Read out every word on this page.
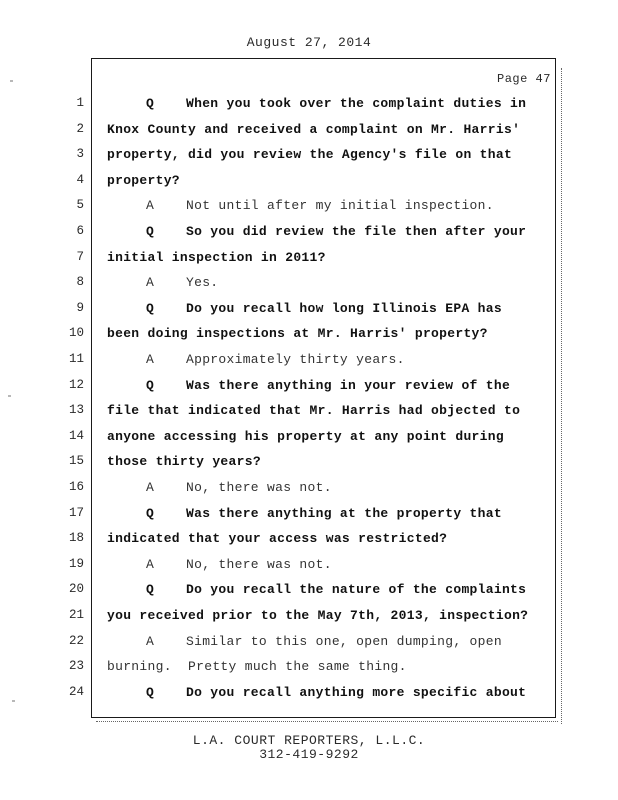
August 27, 2014
Page 47
1	Q When you took over the complaint duties in
2 Knox County and received a complaint on Mr. Harris'
3 property, did you review the Agency's file on that
4 property?
5	A Not until after my initial inspection.
6	Q So you did review the file then after your
7 initial inspection in 2011?
8	A Yes.
9	Q Do you recall how long Illinois EPA has
10 been doing inspections at Mr. Harris' property?
11	A Approximately thirty years.
12	Q Was there anything in your review of the
13 file that indicated that Mr. Harris had objected to
14 anyone accessing his property at any point during
15 those thirty years?
16	A No, there was not.
17	Q Was there anything at the property that
18 indicated that your access was restricted?
19	A No, there was not.
20	Q Do you recall the nature of the complaints
21 you received prior to the May 7th, 2013, inspection?
22	A Similar to this one, open dumping, open
23 burning.  Pretty much the same thing.
24	Q Do you recall anything more specific about
L.A. COURT REPORTERS, L.L.C.
312-419-9292
